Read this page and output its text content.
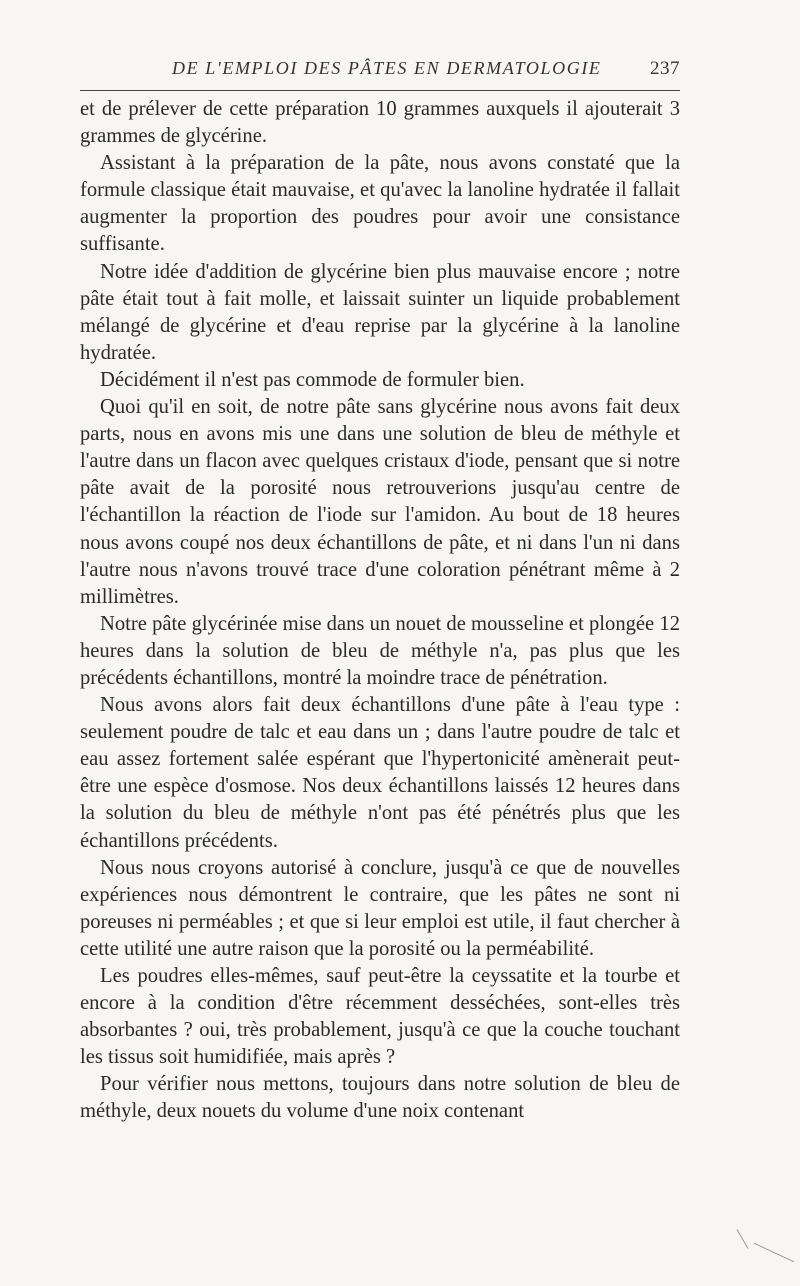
DE L'EMPLOI DES PÂTES EN DERMATOLOGIE	237

et de prélever de cette préparation 10 grammes auxquels il ajouterait 3 grammes de glycérine.

Assistant à la préparation de la pâte, nous avons constaté que la formule classique était mauvaise, et qu'avec la lanoline hydratée il fallait augmenter la proportion des poudres pour avoir une consistance suffisante.

Notre idée d'addition de glycérine bien plus mauvaise encore ; notre pâte était tout à fait molle, et laissait suinter un liquide probablement mélangé de glycérine et d'eau reprise par la glycérine à la lanoline hydratée.

Décidément il n'est pas commode de formuler bien.

Quoi qu'il en soit, de notre pâte sans glycérine nous avons fait deux parts, nous en avons mis une dans une solution de bleu de méthyle et l'autre dans un flacon avec quelques cristaux d'iode, pensant que si notre pâte avait de la porosité nous retrouverions jusqu'au centre de l'échantillon la réaction de l'iode sur l'amidon. Au bout de 18 heures nous avons coupé nos deux échantillons de pâte, et ni dans l'un ni dans l'autre nous n'avons trouvé trace d'une coloration pénétrant même à 2 millimètres.

Notre pâte glycérinée mise dans un nouet de mousseline et plongée 12 heures dans la solution de bleu de méthyle n'a, pas plus que les précédents échantillons, montré la moindre trace de pénétration.

Nous avons alors fait deux échantillons d'une pâte à l'eau type : seulement poudre de talc et eau dans un ; dans l'autre poudre de talc et eau assez fortement salée espérant que l'hypertonicité amènerait peut-être une espèce d'osmose. Nos deux échantillons laissés 12 heures dans la solution du bleu de méthyle n'ont pas été pénétrés plus que les échantillons précédents.

Nous nous croyons autorisé à conclure, jusqu'à ce que de nouvelles expériences nous démontrent le contraire, que les pâtes ne sont ni poreuses ni perméables ; et que si leur emploi est utile, il faut chercher à cette utilité une autre raison que la porosité ou la perméabilité.

Les poudres elles-mêmes, sauf peut-être la ceyssatite et la tourbe et encore à la condition d'être récemment desséchées, sont-elles très absorbantes ? oui, très probablement, jusqu'à ce que la couche touchant les tissus soit humidifiée, mais après ?

Pour vérifier nous mettons, toujours dans notre solution de bleu de méthyle, deux nouets du volume d'une noix contenant
